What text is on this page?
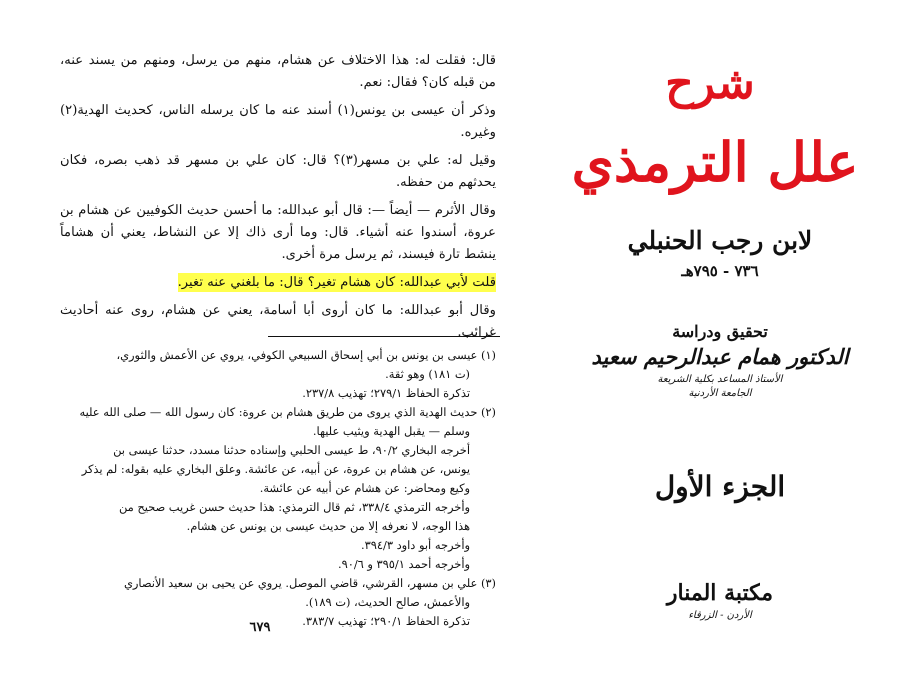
قال: فقلت له: هذا الاختلاف عن هشام، منهم من يرسل، ومنهم من يسند عنه، من قبله كان؟ فقال: نعم.

وذكر أن عيسى بن يونس(١) أسند عنه ما كان يرسله الناس، كحديث الهدية(٢) وغيره.

وقيل له: علي بن مسهر(٣)؟ قال: كان علي بن مسهر قد ذهب بصره، فكان يحدثهم من حفظه.

وقال الأثرم — أيضاً —: قال أبو عبدالله: ما أحسن حديث الكوفيين عن هشام بن عروة، أسندوا عنه أشياء. قال: وما أرى ذاك إلا عن النشاط، يعني أن هشاماً ينشط تارة فيسند، ثم يرسل مرة أخرى.

قلت لأبي عبدالله: كان هشام تغير؟ قال: ما بلغني عنه تغير.

وقال أبو عبدالله: ما كان أروى أبا أسامة، يعني عن هشام، روى عنه أحاديث غرائب.

(١) عيسى بن يونس بن أبي إسحاق السبيعي الكوفي، يروي عن الأعمش والثوري،
(ت ١٨١) وهو ثقة.
تذكرة الحفاظ ٢٧٩/١؛ تهذيب ٢٣٧/٨.
(٢) حديث الهدية الذي يروى من طريق هشام بن عروة: كان رسول الله — صلى الله عليه
وسلم — يقبل الهدية ويثيب عليها.
أخرجه البخاري ٩٠/٢، ط عيسى الحلبي وإسناده حدثنا مسدد، حدثنا عيسى بن
يونس، عن هشام بن عروة، عن أبيه، عن عائشة. وعلق البخاري عليه بقوله: لم يذكر
وكيع ومحاضر: عن هشام عن أبيه عن عائشة.
وأخرجه الترمذي ٣٣٨/٤، ثم قال الترمذي: هذا حديث حسن غريب صحيح من
هذا الوجه، لا نعرفه إلا من حديث عيسى بن يونس عن هشام.
وأخرجه أبو داود ٣٩٤/٣.
وأخرجه أحمد ٣٩٥/١ و ٩٠/٦.
(٣) علي بن مسهر، القرشي، قاضي الموصل. يروي عن يحيى بن سعيد الأنصاري
والأعمش، صالح الحديث، (ت ١٨٩).
تذكرة الحفاظ ٢٩٠/١؛ تهذيب ٣٨٣/٧.
٦٧٩
شرح
علل الترمذي
لابن رجب الحنبلي
٧٣٦ - ٧٩٥هـ
تحقيق ودراسة
الدكتور همام عبدالرحيم سعيد
الأستاذ المساعد بكلية الشريعة
الجامعة الأردنية
الجزء الأول
مكتبة المنار
الأردن - الزرقاء
